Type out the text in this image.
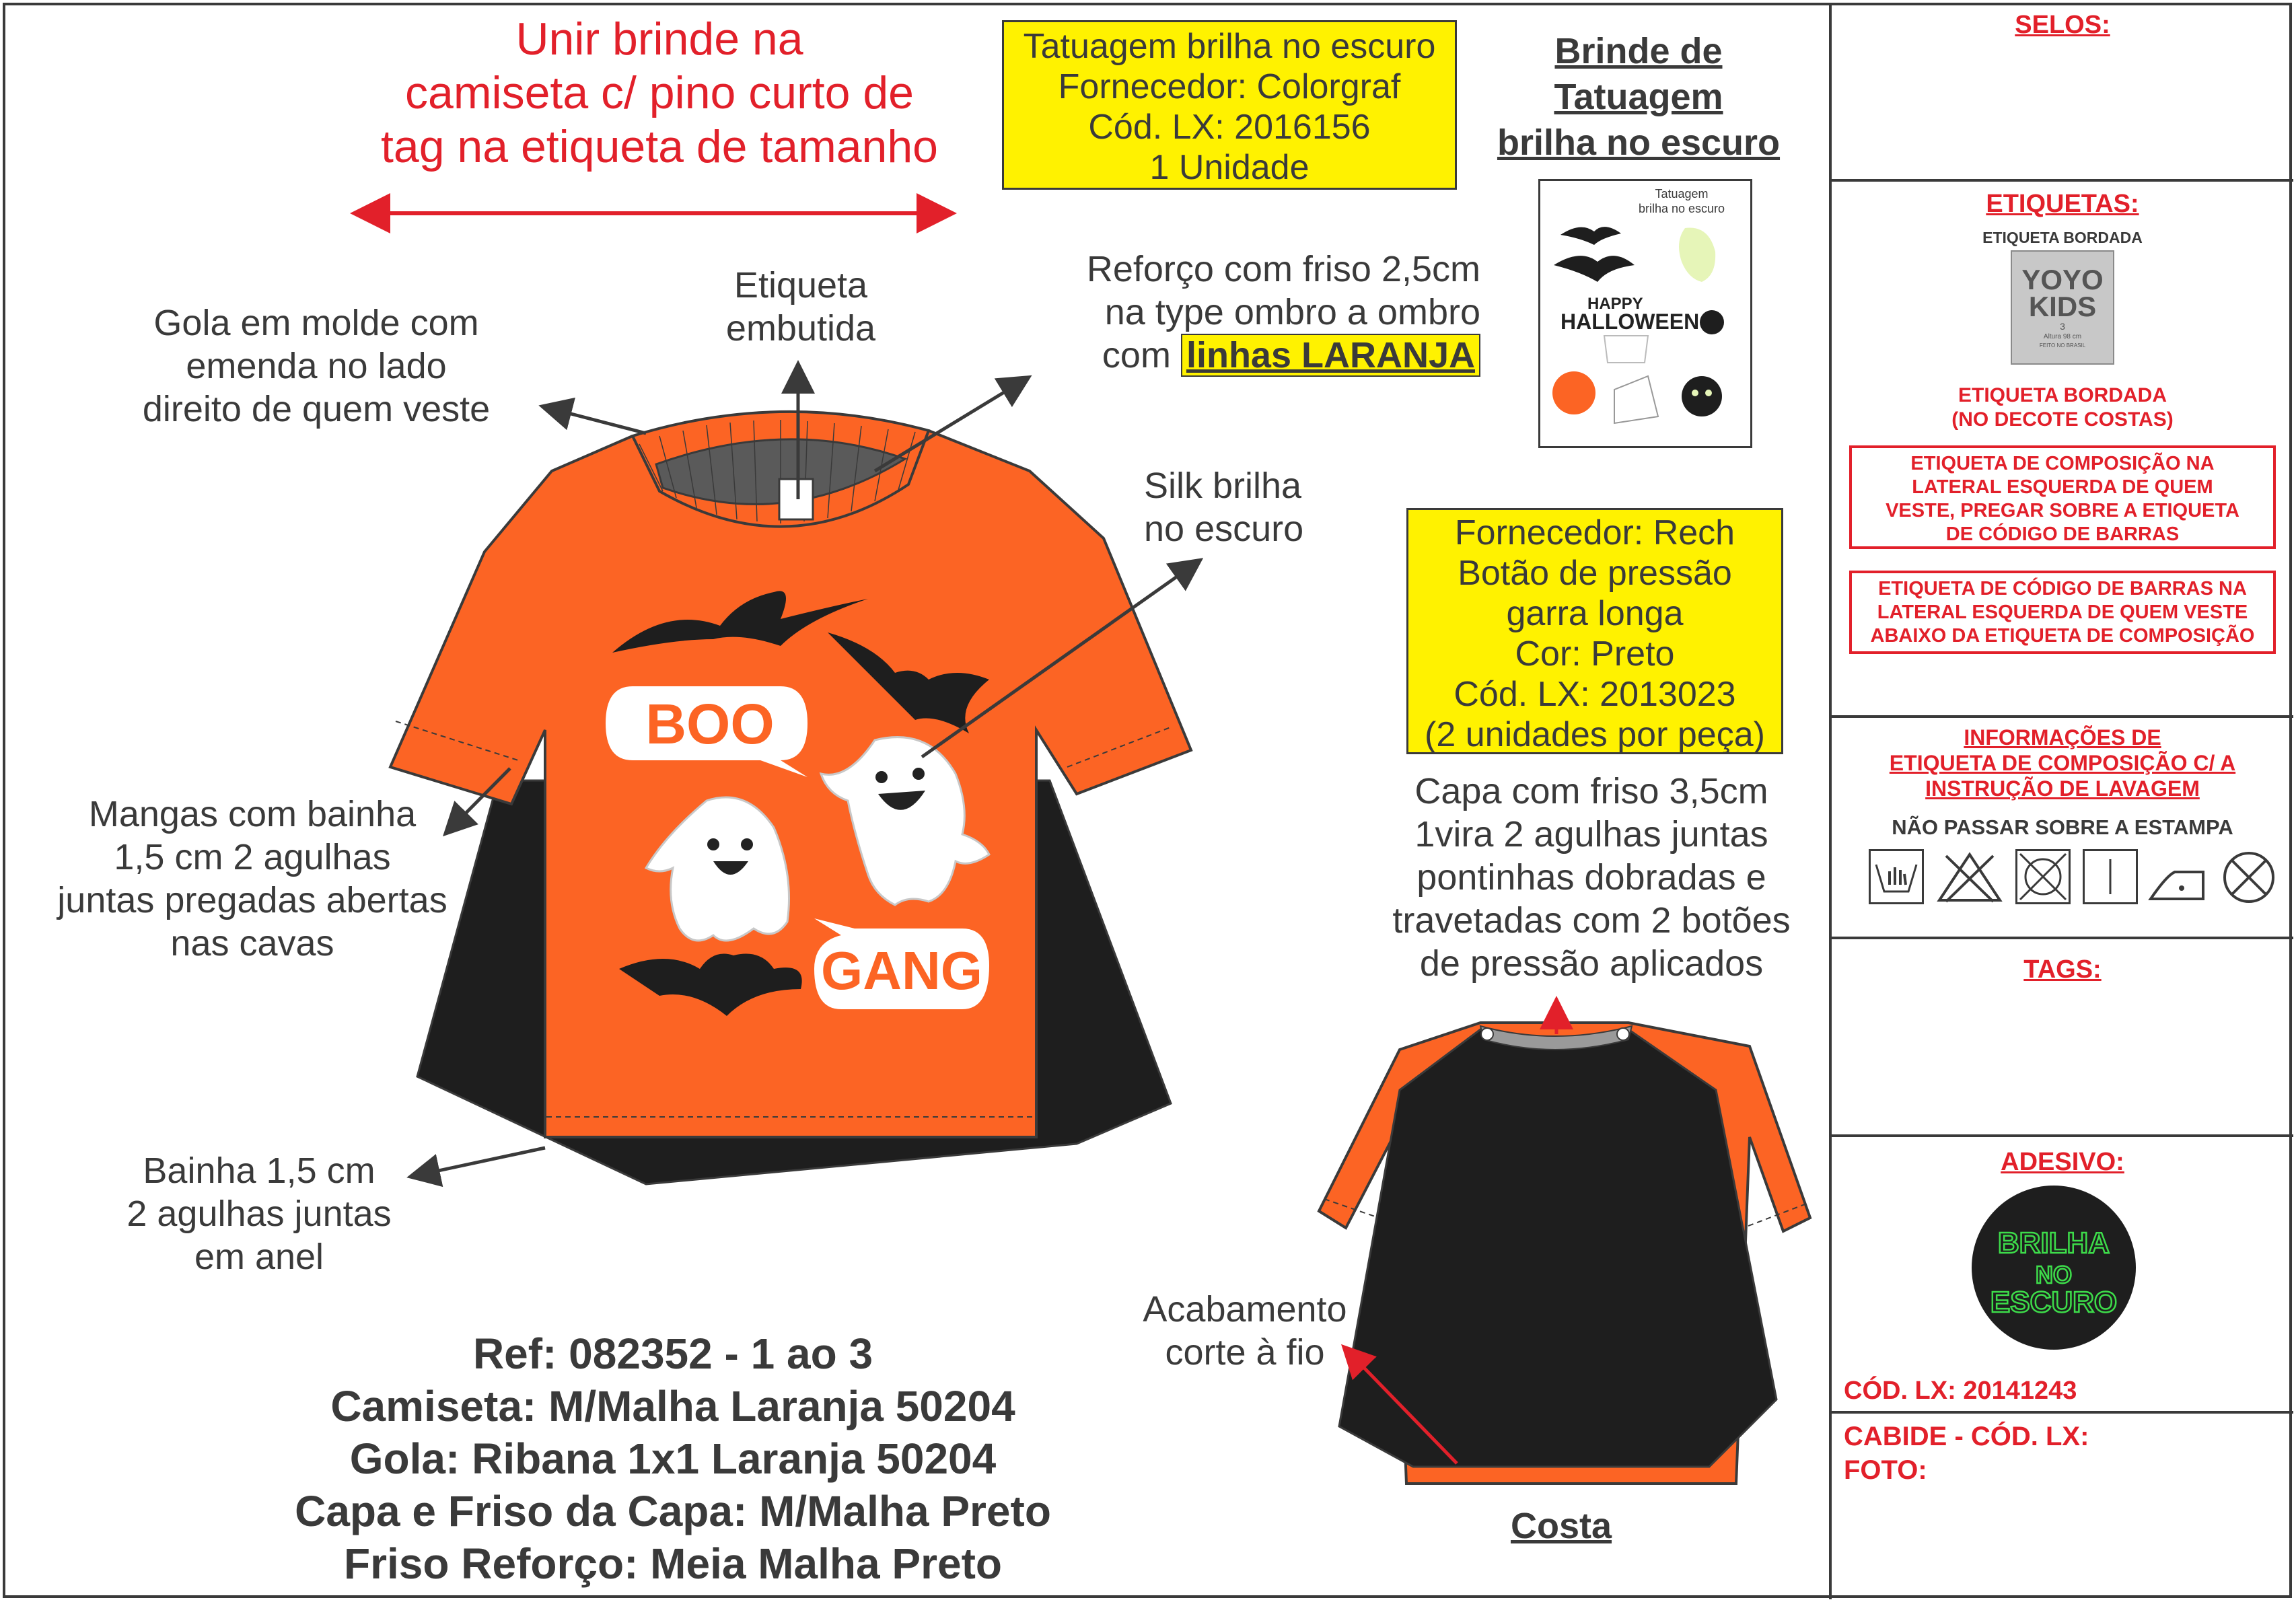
BOO
GANG
Unir brinde na
camiseta c/ pino curto de
tag na etiqueta de tamanho
Tatuagem brilha no escuro
Fornecedor: Colorgraf
Cód. LX: 2016156
1 Unidade
Brinde de
Tatuagem
brilha no escuro
Tatuagem
brilha no escuro
HAPPY
HALLOWEEN
Gola em molde com
emenda no lado
direito de quem veste
Etiqueta
embutida
Reforço com friso 2,5cm
na type ombro a ombro
com linhas LARANJA
Silk brilha
no escuro
Mangas com bainha
1,5 cm 2 agulhas
juntas pregadas abertas
nas cavas
Bainha 1,5 cm
2 agulhas juntas
em anel
Fornecedor: Rech
Botão de pressão
garra longa
Cor: Preto
Cód. LX: 2013023
(2 unidades por peça)
Capa com friso 3,5cm
1vira 2 agulhas juntas
pontinhas dobradas e
travetadas com 2 botões
de pressão aplicados
Acabamento
corte à fio
Costa
Ref: 082352 - 1 ao 3
Camiseta: M/Malha Laranja 50204
Gola: Ribana 1x1 Laranja 50204
Capa e Friso da Capa: M/Malha Preto
Friso Reforço: Meia Malha Preto
SELOS:
ETIQUETAS:
ETIQUETA BORDADA
YOYO
KIDS
3
Altura 98 cm
FEITO NO BRASIL
ETIQUETA BORDADA
(NO DECOTE COSTAS)
ETIQUETA DE COMPOSIÇÃO NA
LATERAL ESQUERDA DE QUEM
VESTE, PREGAR SOBRE A ETIQUETA
DE CÓDIGO DE BARRAS
ETIQUETA DE CÓDIGO DE BARRAS NA
LATERAL ESQUERDA DE QUEM VESTE
ABAIXO DA ETIQUETA DE COMPOSIÇÃO
INFORMAÇÕES DE
ETIQUETA DE COMPOSIÇÃO C/ A
INSTRUÇÃO DE LAVAGEM
NÃO PASSAR SOBRE A ESTAMPA
TAGS:
ADESIVO:
BRILHA
NO
ESCURO
CÓD. LX: 20141243
CABIDE - CÓD. LX:
FOTO:
